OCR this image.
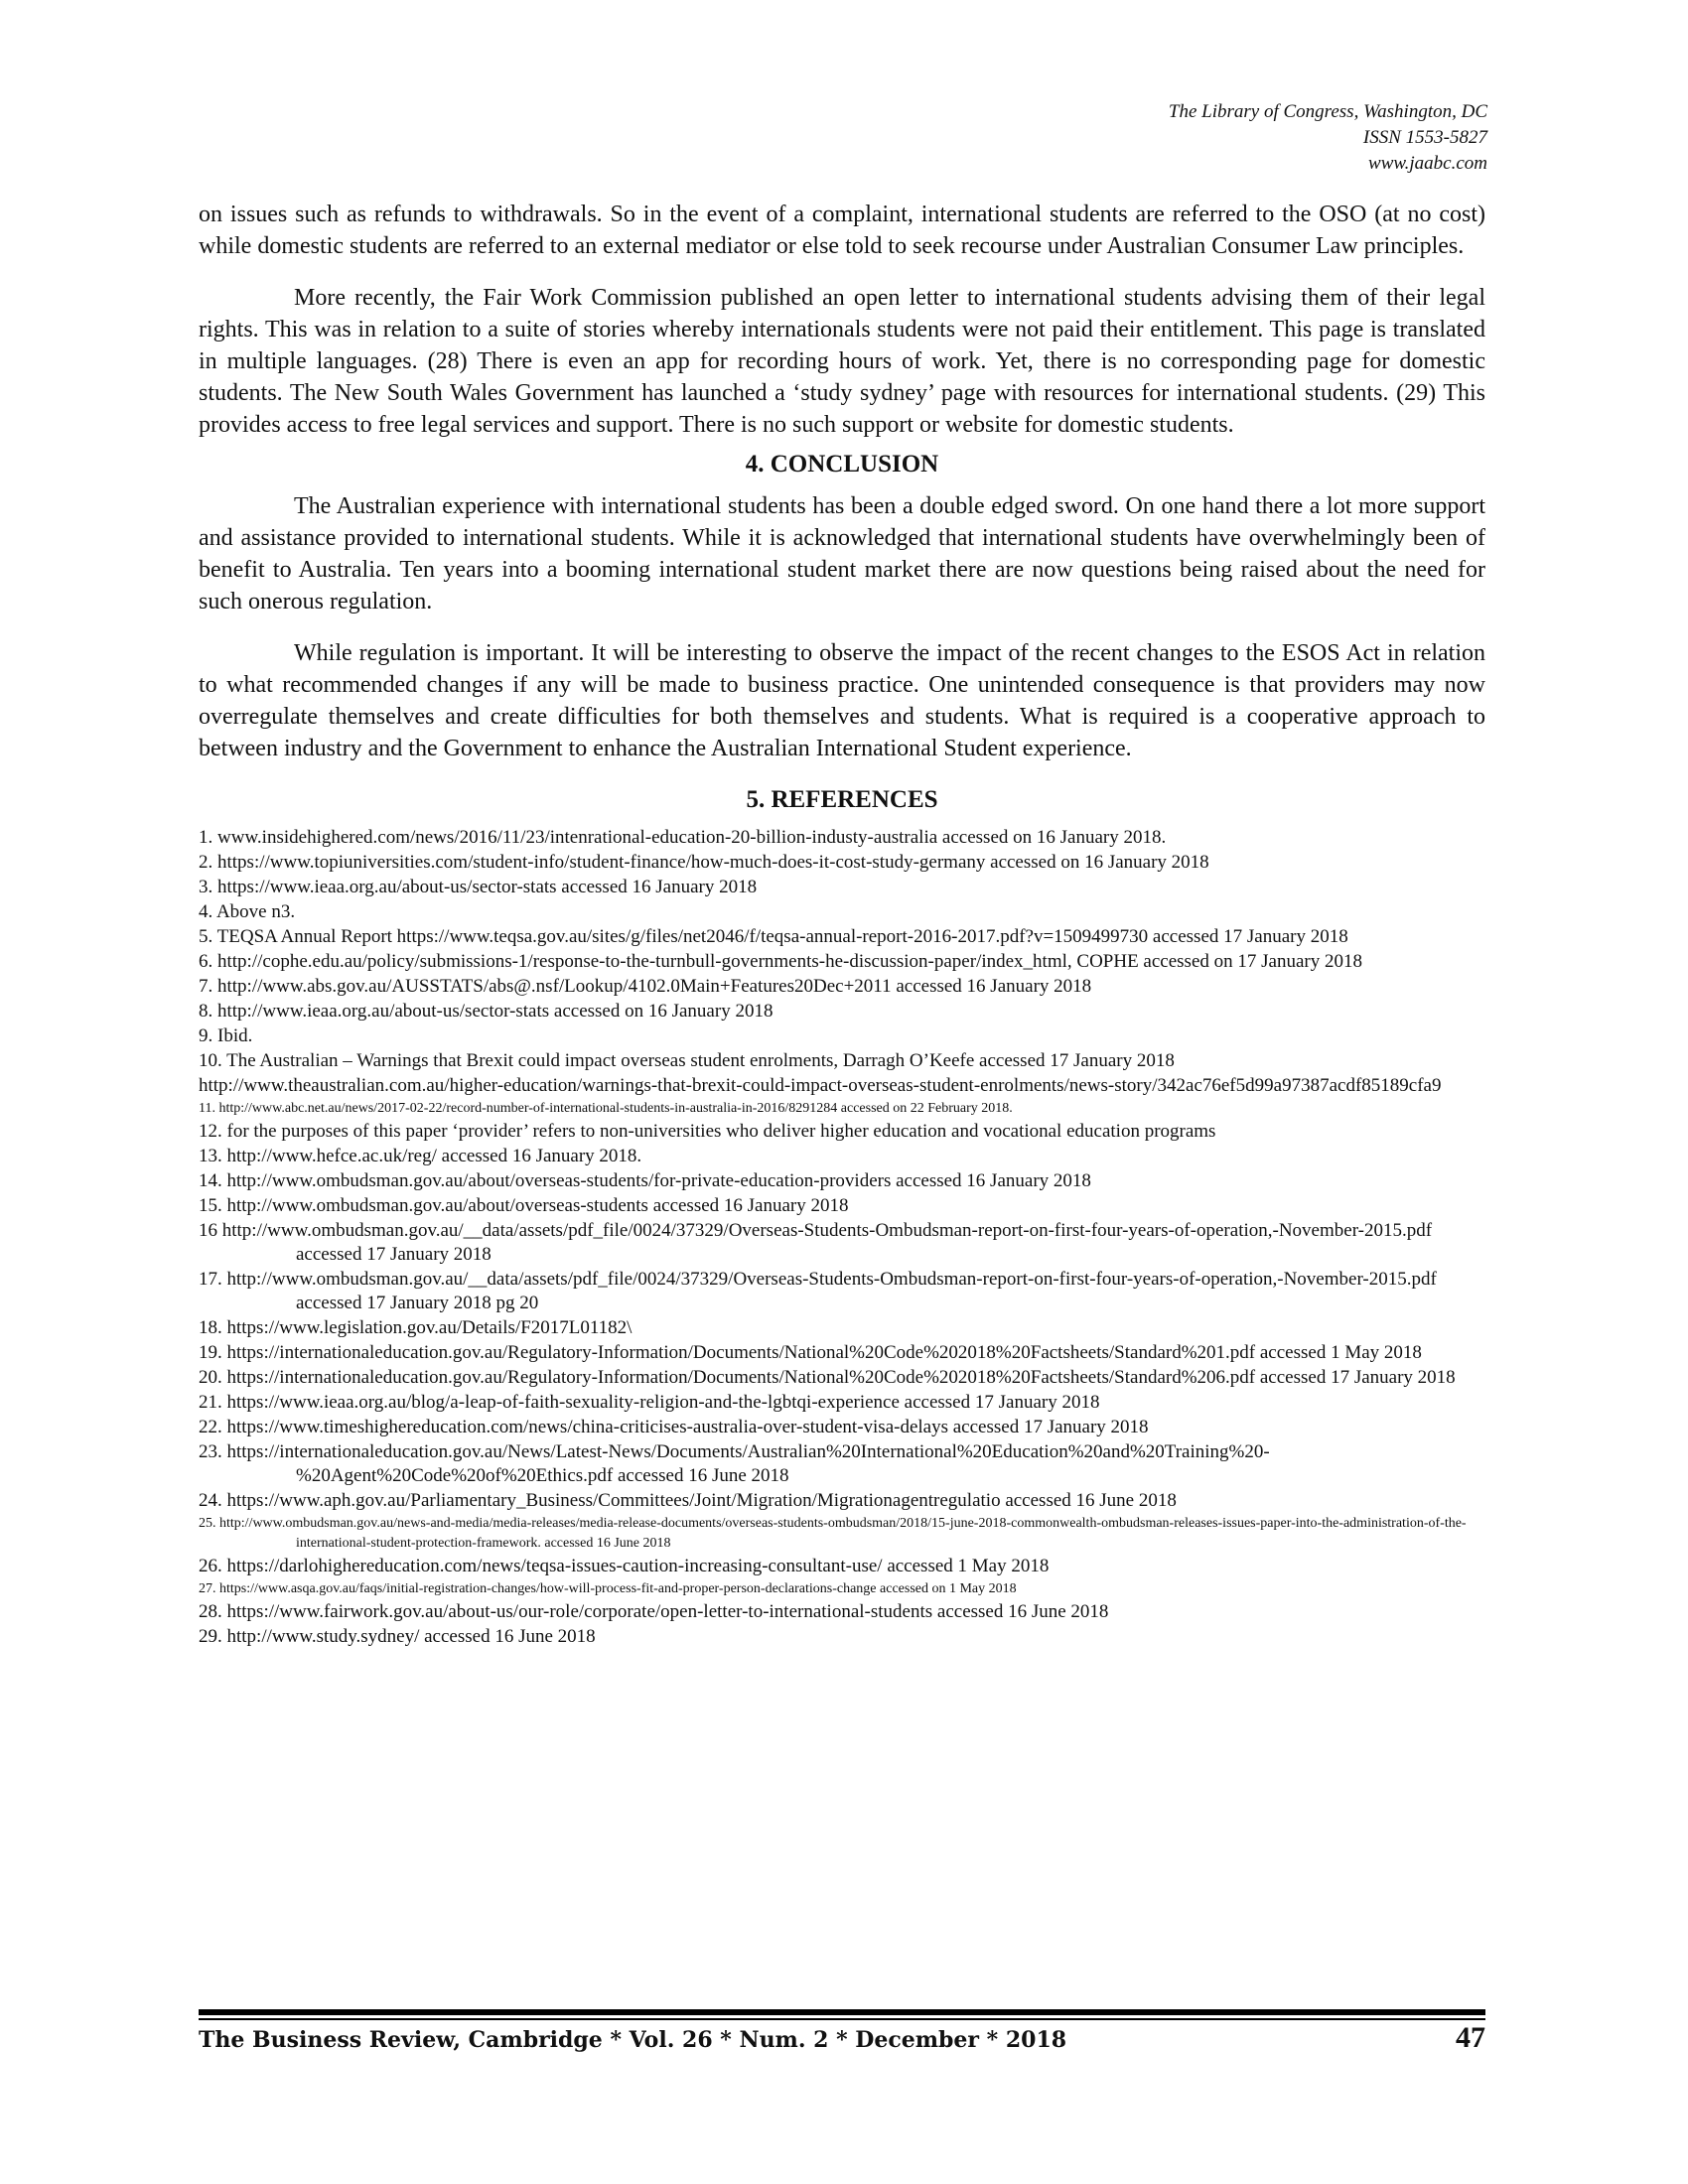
The Library of Congress, Washington, DC
ISSN 1553-5827
www.jaabc.com

on issues such as refunds to withdrawals. So in the event of a complaint, international students are referred to the OSO (at no cost) while domestic students are referred to an external mediator or else told to seek recourse under Australian Consumer Law principles.

More recently, the Fair Work Commission published an open letter to international students advising them of their legal rights. This was in relation to a suite of stories whereby internationals students were not paid their entitlement. This page is translated in multiple languages. (28) There is even an app for recording hours of work. Yet, there is no corresponding page for domestic students. The New South Wales Government has launched a ‘study sydney’ page with resources for international students. (29) This provides access to free legal services and support. There is no such support or website for domestic students.

4. CONCLUSION

The Australian experience with international students has been a double edged sword. On one hand there a lot more support and assistance provided to international students. While it is acknowledged that international students have overwhelmingly been of benefit to Australia. Ten years into a booming international student market there are now questions being raised about the need for such onerous regulation.

While regulation is important. It will be interesting to observe the impact of the recent changes to the ESOS Act in relation to what recommended changes if any will be made to business practice. One unintended consequence is that providers may now overregulate themselves and create difficulties for both themselves and students. What is required is a cooperative approach to between industry and the Government to enhance the Australian International Student experience.

5. REFERENCES
1. www.insidehighered.com/news/2016/11/23/intenrational-education-20-billion-industy-australia accessed on 16 January 2018.
2. https://www.topiuniversities.com/student-info/student-finance/how-much-does-it-cost-study-germany accessed on 16 January 2018
3. https://www.ieaa.org.au/about-us/sector-stats accessed 16 January 2018
4. Above n3.
5. TEQSA Annual Report https://www.teqsa.gov.au/sites/g/files/net2046/f/teqsa-annual-report-2016-2017.pdf?v=1509499730 accessed 17 January 2018
6. http://cophe.edu.au/policy/submissions-1/response-to-the-turnbull-governments-he-discussion-paper/index_html, COPHE accessed on 17 January 2018
7. http://www.abs.gov.au/AUSSTATS/abs@.nsf/Lookup/4102.0Main+Features20Dec+2011 accessed 16 January 2018
8. http://www.ieaa.org.au/about-us/sector-stats accessed on 16 January 2018
9. Ibid.
10. The Australian – Warnings that Brexit could impact overseas student enrolments, Darragh O’Keefe accessed 17 January 2018
http://www.theaustralian.com.au/higher-education/warnings-that-brexit-could-impact-overseas-student-enrolments/news-story/342ac76ef5d99a97387acdf85189cfa9
11. http://www.abc.net.au/news/2017-02-22/record-number-of-international-students-in-australia-in-2016/8291284 accessed on 22 February 2018.
12. for the purposes of this paper ‘provider’ refers to non-universities who deliver higher education and vocational education programs
13. http://www.hefce.ac.uk/reg/ accessed 16 January 2018.
14. http://www.ombudsman.gov.au/about/overseas-students/for-private-education-providers accessed 16 January 2018
15. http://www.ombudsman.gov.au/about/overseas-students accessed 16 January 2018
16 http://www.ombudsman.gov.au/__data/assets/pdf_file/0024/37329/Overseas-Students-Ombudsman-report-on-first-four-years-of-operation,-November-2015.pdf accessed 17 January 2018
17. http://www.ombudsman.gov.au/__data/assets/pdf_file/0024/37329/Overseas-Students-Ombudsman-report-on-first-four-years-of-operation,-November-2015.pdf accessed 17 January 2018 pg 20
18. https://www.legislation.gov.au/Details/F2017L01182\
19. https://internationaleducation.gov.au/Regulatory-Information/Documents/National%20Code%202018%20Factsheets/Standard%201.pdf accessed 1 May 2018
20. https://internationaleducation.gov.au/Regulatory-Information/Documents/National%20Code%202018%20Factsheets/Standard%206.pdf accessed 17 January 2018
21. https://www.ieaa.org.au/blog/a-leap-of-faith-sexuality-religion-and-the-lgbtqi-experience accessed 17 January 2018
22. https://www.timeshighereducation.com/news/china-criticises-australia-over-student-visa-delays accessed 17 January 2018
23. https://internationaleducation.gov.au/News/Latest-News/Documents/Australian%20International%20Education%20and%20Training%20-%20Agent%20Code%20of%20Ethics.pdf accessed 16 June 2018
24. https://www.aph.gov.au/Parliamentary_Business/Committees/Joint/Migration/Migrationagentregulatio accessed 16 June 2018
25. http://www.ombudsman.gov.au/news-and-media/media-releases/media-release-documents/overseas-students-ombudsman/2018/15-june-2018-commonwealth-ombudsman-releases-issues-paper-into-the-administration-of-the-international-student-protection-framework. accessed 16 June 2018
26. https://darlohighereducation.com/news/teqsa-issues-caution-increasing-consultant-use/ accessed 1 May 2018
27. https://www.asqa.gov.au/faqs/initial-registration-changes/how-will-process-fit-and-proper-person-declarations-change accessed on 1 May 2018
28. https://www.fairwork.gov.au/about-us/our-role/corporate/open-letter-to-international-students accessed 16 June 2018
29. http://www.study.sydney/ accessed 16 June 2018
The Business Review, Cambridge * Vol. 26 * Num. 2 * December * 2018	47
